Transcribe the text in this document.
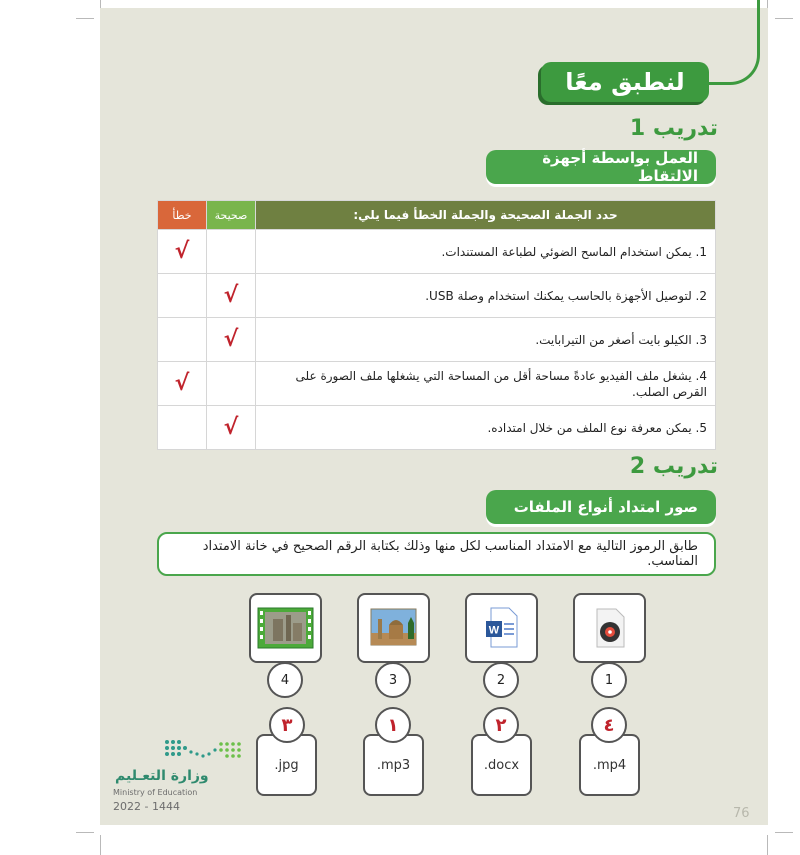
لنطبق معًا
تدريب 1
العمل بواسطة أجهزة الالتقاط
حدد الجملة الصحيحة والجملة الخطأ فيما يلي:	صحيحة	خطأ
1. يمكن استخدام الماسح الضوئي لطباعة المستندات.		√
2. لتوصيل الأجهزة بالحاسب يمكنك استخدام وصلة USB.	√	
3. الكيلو بايت أصغر من التيرابايت.	√	
4. يشغل ملف الفيديو عادةً مساحة أقل من المساحة التي يشغلها ملف الصورة على القرص الصلب.		√
5. يمكن معرفة نوع الملف من خلال امتداده.	√	
تدريب 2
صور امتداد أنواع الملفات
طابق الرموز التالية مع الامتداد المناسب لكل منها وذلك بكتابة الرقم الصحيح في خانة الامتداد المناسب.
W
1
2
3
4
.mp4
.docx
.mp3
.jpg
٤
٢
١
٣
وزارة التعـليم
Ministry of Education
2022 - 1444	76
